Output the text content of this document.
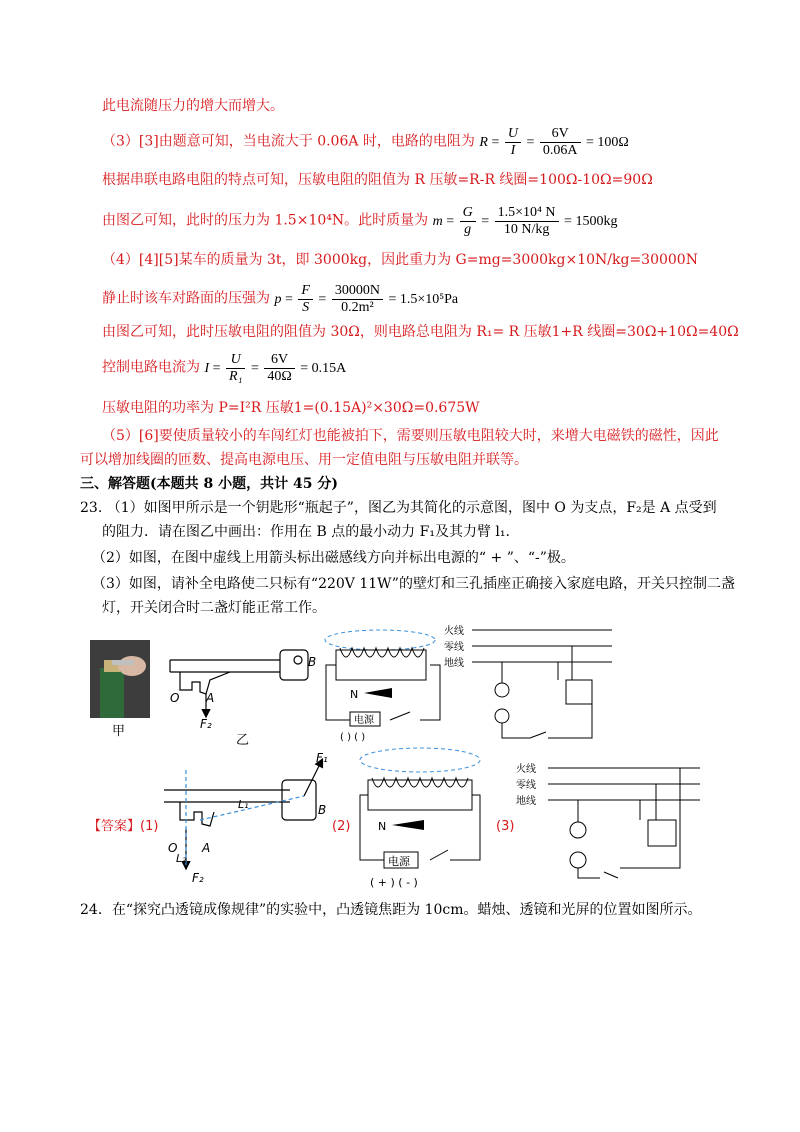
此电流随压力的增大而增大。
（3）[3]由题意可知，当电流大于 0.06A 时，电路的电阻为 $R = \frac{U}{I} = \frac{6V}{0.06A} = 100\Omega$
根据串联电路电阻的特点可知，压敏电阻的阻值为 R 压敏=R-R 线圈=100Ω-10Ω=90Ω
由图乙可知，此时的压力为 1.5×10⁴N。此时质量为 $m = \frac{G}{g} = \frac{\text{1.5×10⁴ N}}{10 N/kg} = 1500kg$
（4）[4][5]某车的质量为 3t，即 3000kg，因此重力为 G=mg=3000kg×10N/kg=30000N
静止时该车对路面的压强为 $p = \frac{F}{S} = \frac{30000N}{\text{0.2m²}} = 1.5\times 10^5Pa$
由图乙可知，此时压敏电阻的阻值为 30Ω，则电路总电阻为 R₁= R 压敏1+R 线圈=30Ω+10Ω=40Ω
控制电路电流为 $I = \frac{U}{\text{R₁}} = \frac{6V}{40\Omega} = 0.15A$
压敏电阻的功率为 P=I²R 压敏1=(0.15A)²×30Ω=0.675W
（5）[6]要使质量较小的车闯红灯也能被拍下，需要则压敏电阻较大时，来增大电磁铁的磁性，因此
可以增加线圈的匝数、提高电源电压、用一定值电阻与压敏电阻并联等。
三、解答题(本题共 8 小题，共计 45 分)
23. （1）如图甲所示是一个钥匙形“瓶起子”，图乙为其简化的示意图，图中 O 为支点，F₂是 A 点受到
的阻力．请在图乙中画出：作用在 B 点的最小动力 F₁及其力臂 l₁.
（2）如图，在图中虚线上用箭头标出磁感线方向并标出电源的“ + ”、“-”极。
（3）如图，请补全电路使二只标有“220V 11W”的壁灯和三孔插座正确接入家庭电路，开关只控制二盏
灯，开关闭合时二盏灯能正常工作。
甲
B
O A
F₂
乙
N
电源
( ) ( )
火线
零线
地线
【答案】(1)
F₁
B
L₁
O
L₂
A
F₂
(2)	N
电源
( + ) ( - )
(3)
火线
零线
地线
24．在“探究凸透镜成像规律”的实验中，凸透镜焦距为 10cm。蜡烛、透镜和光屏的位置如图所示。
